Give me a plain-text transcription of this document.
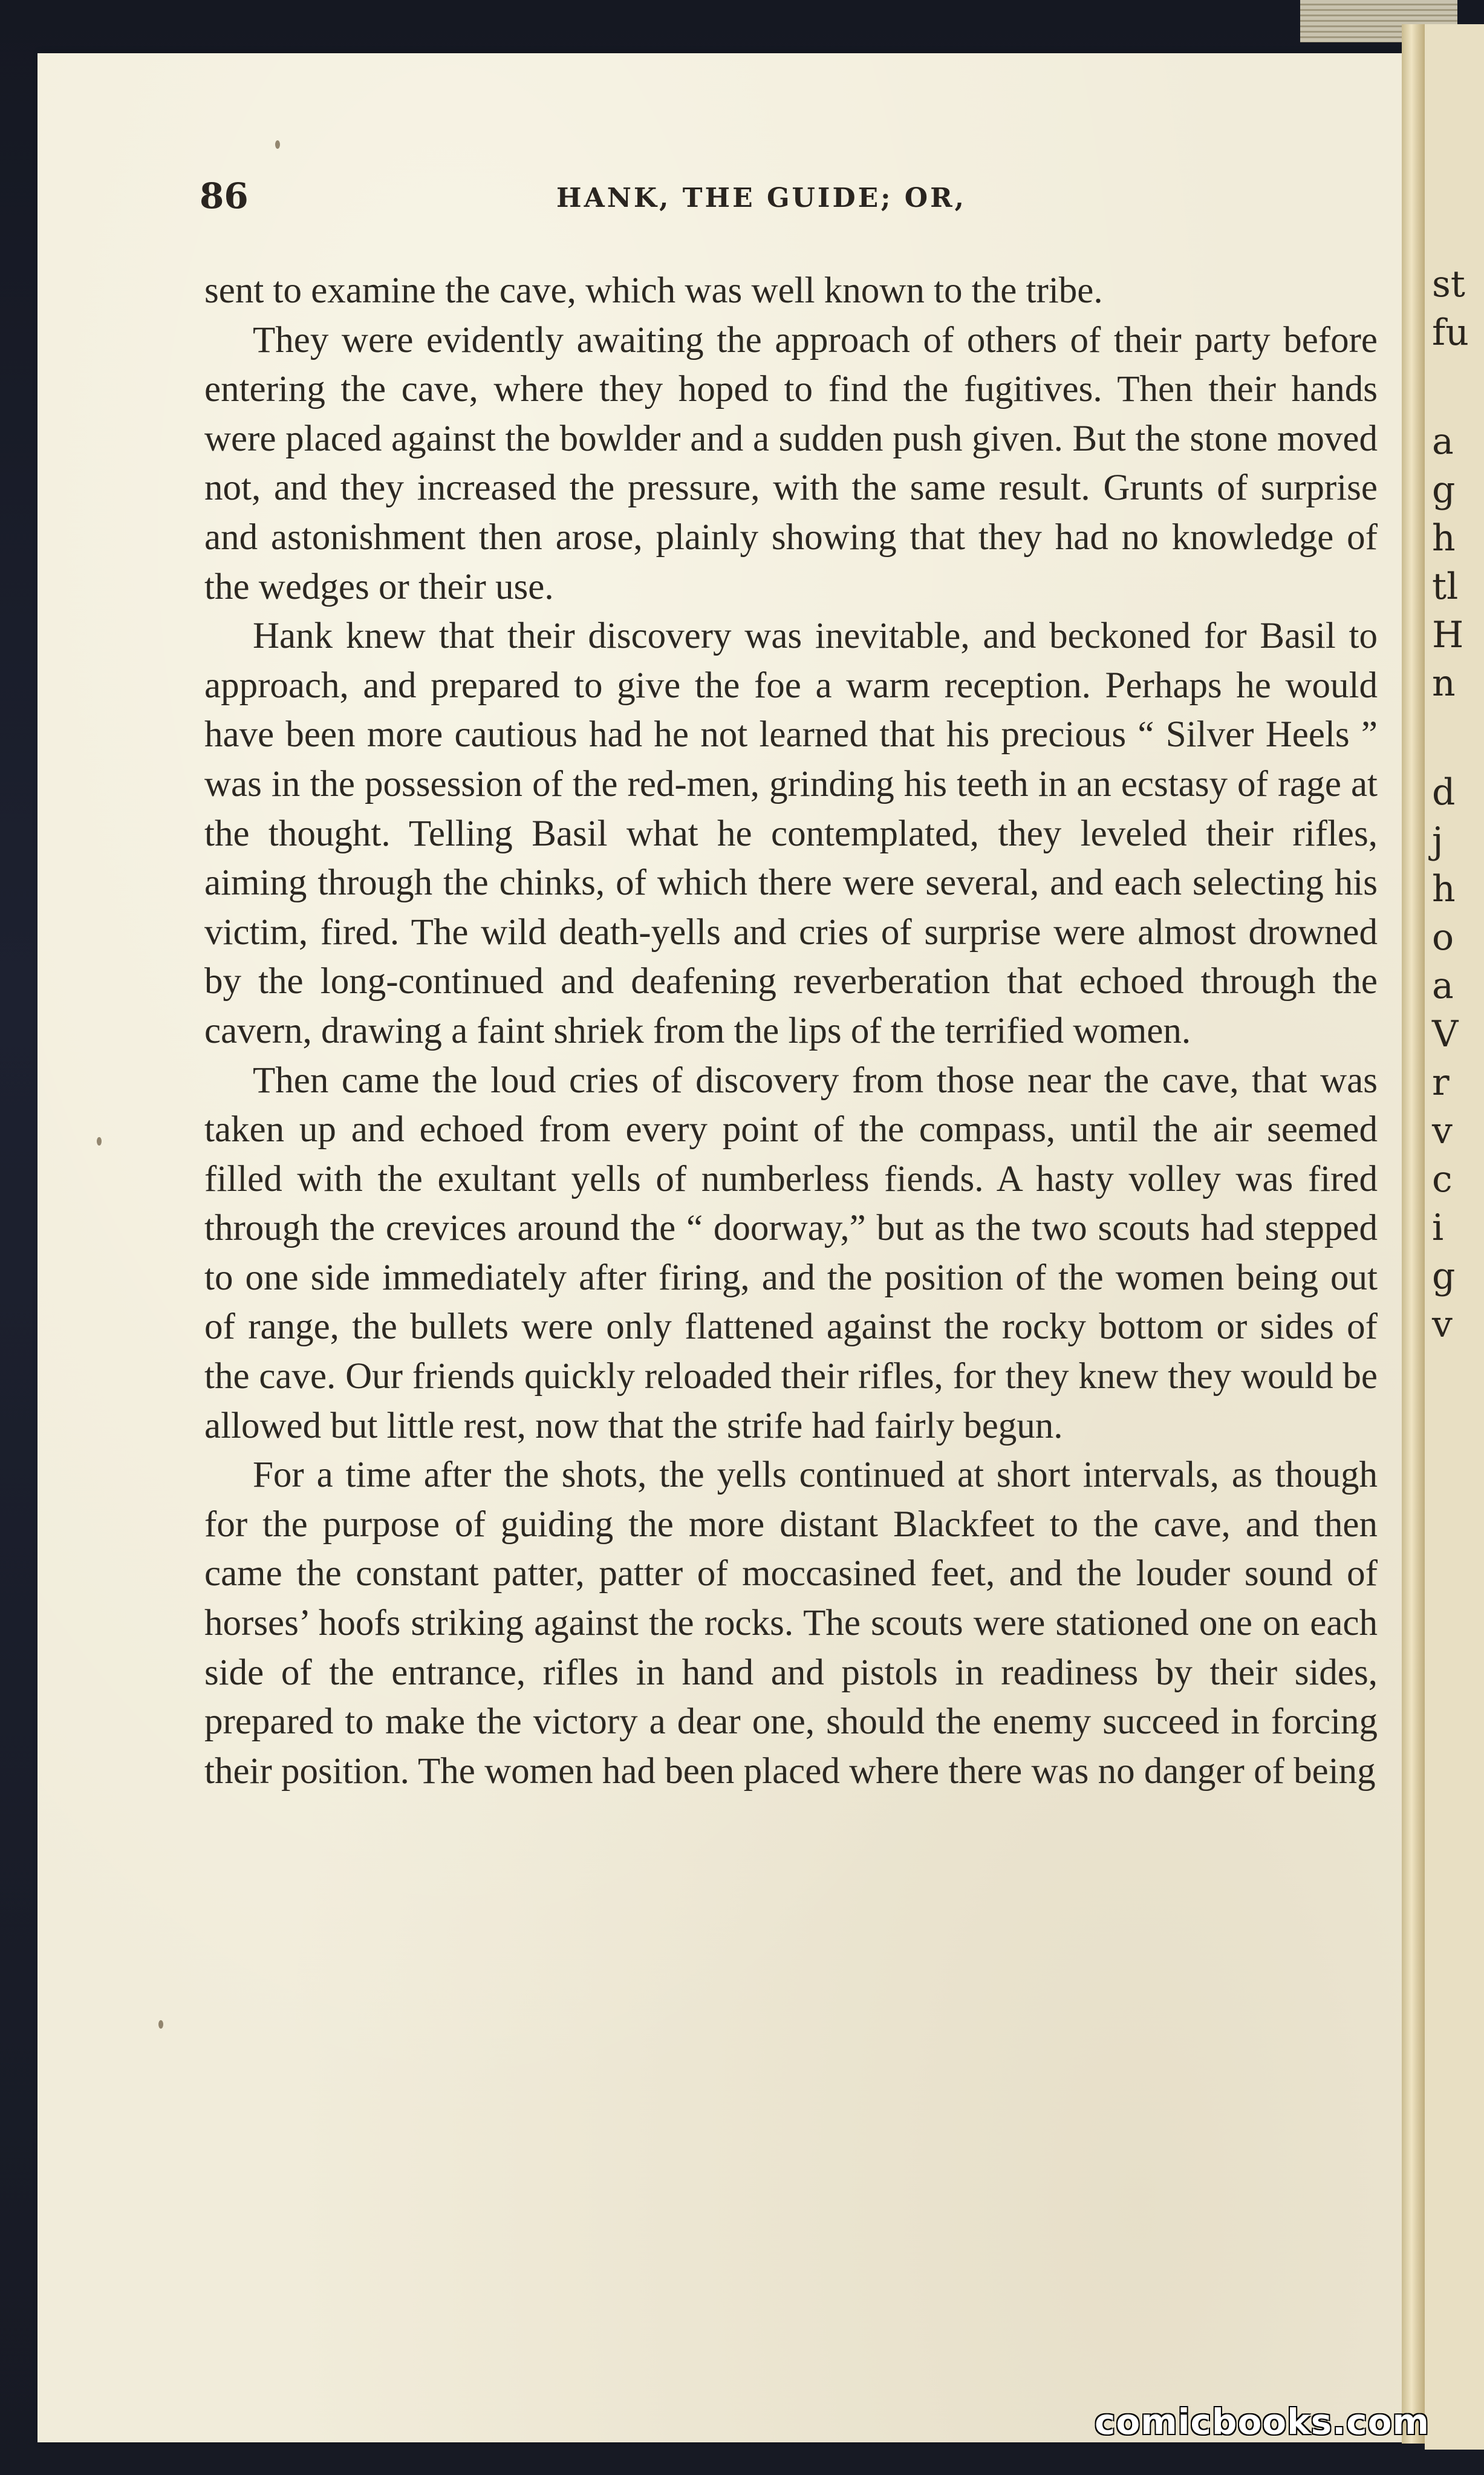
st
fu
a
g
h
tl
H
n
d
j
h
o
a
V
r
v
c
i
g
v
86	HANK, THE GUIDE; OR,

sent to examine the cave, which was well known to the tribe.

They were evidently awaiting the approach of others of their party before entering the cave, where they hoped to find the fugitives. Then their hands were placed against the bowlder and a sudden push given. But the stone moved not, and they increased the pressure, with the same result. Grunts of surprise and astonishment then arose, plainly showing that they had no knowledge of the wedges or their use.

Hank knew that their discovery was inevitable, and beckoned for Basil to approach, and prepared to give the foe a warm reception. Perhaps he would have been more cautious had he not learned that his precious “ Silver Heels ” was in the possession of the red-men, grinding his teeth in an ecstasy of rage at the thought. Telling Basil what he contemplated, they leveled their rifles, aiming through the chinks, of which there were several, and each selecting his victim, fired. The wild death-yells and cries of surprise were almost drowned by the long-continued and deafening reverberation that echoed through the cavern, drawing a faint shriek from the lips of the terrified women.

Then came the loud cries of discovery from those near the cave, that was taken up and echoed from every point of the compass, until the air seemed filled with the exultant yells of numberless fiends. A hasty volley was fired through the crevices around the “ doorway,” but as the two scouts had stepped to one side immediately after firing, and the position of the women being out of range, the bullets were only flattened against the rocky bottom or sides of the cave. Our friends quickly reloaded their rifles, for they knew they would be allowed but little rest, now that the strife had fairly begun.

For a time after the shots, the yells continued at short intervals, as though for the purpose of guiding the more distant Blackfeet to the cave, and then came the constant patter, patter of moccasined feet, and the louder sound of horses’ hoofs striking against the rocks. The scouts were stationed one on each side of the entrance, rifles in hand and pistols in readiness by their sides, prepared to make the victory a dear one, should the enemy succeed in forcing their position. The women had been placed where there was no danger of being

comicbooks.com
